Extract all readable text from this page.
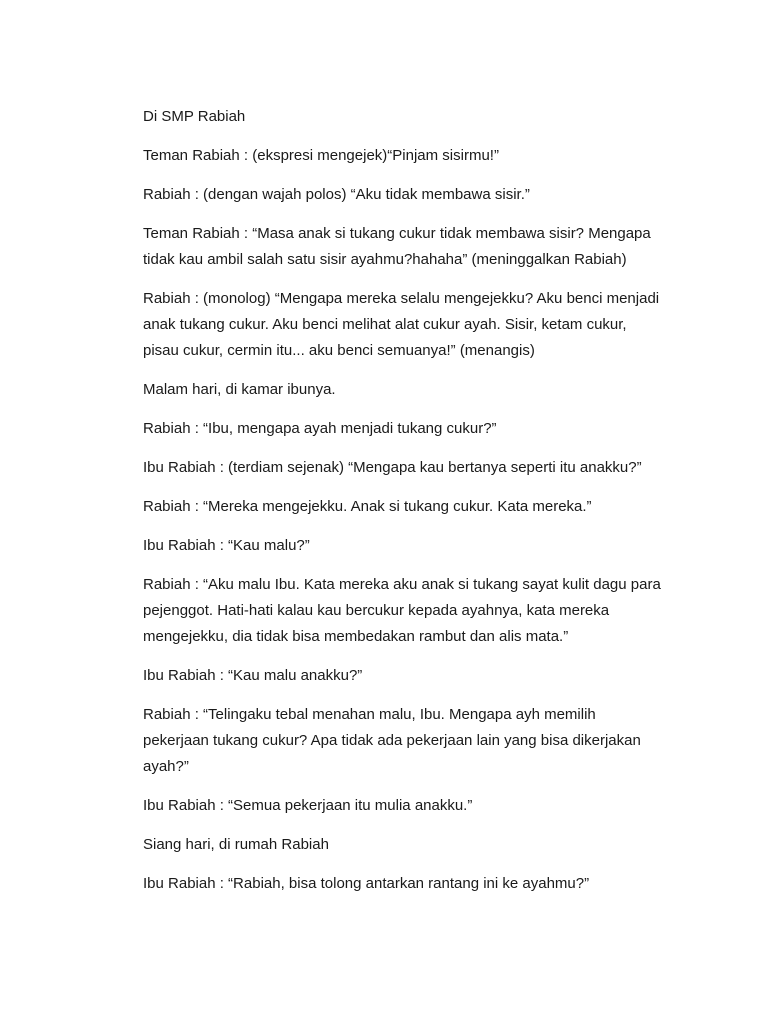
Di SMP Rabiah

Teman Rabiah : (ekspresi mengejek)“Pinjam sisirmu!”

Rabiah : (dengan wajah polos) “Aku tidak membawa sisir.”

Teman Rabiah : “Masa anak si tukang cukur tidak membawa sisir? Mengapa tidak kau ambil salah satu sisir ayahmu?hahaha” (meninggalkan Rabiah)

Rabiah : (monolog) “Mengapa mereka selalu mengejekku? Aku benci menjadi anak tukang cukur. Aku benci melihat alat cukur ayah. Sisir, ketam cukur, pisau cukur, cermin itu... aku benci semuanya!” (menangis)

Malam hari, di kamar ibunya.

Rabiah : “Ibu, mengapa ayah menjadi tukang cukur?”

Ibu Rabiah : (terdiam sejenak) “Mengapa kau bertanya seperti itu anakku?”

Rabiah : “Mereka mengejekku. Anak si tukang cukur. Kata mereka.”

Ibu Rabiah : “Kau malu?”

Rabiah : “Aku malu Ibu. Kata mereka aku anak si tukang sayat kulit dagu para pejenggot. Hati-hati kalau kau bercukur kepada ayahnya, kata mereka mengejekku, dia tidak bisa membedakan rambut dan alis mata.”

Ibu Rabiah : “Kau malu anakku?”

Rabiah : “Telingaku tebal menahan malu, Ibu. Mengapa ayh memilih pekerjaan tukang cukur? Apa tidak ada pekerjaan lain yang bisa dikerjakan ayah?”

Ibu Rabiah : “Semua pekerjaan itu mulia anakku.”

Siang hari, di rumah Rabiah

Ibu Rabiah : “Rabiah, bisa tolong antarkan rantang ini ke ayahmu?”
